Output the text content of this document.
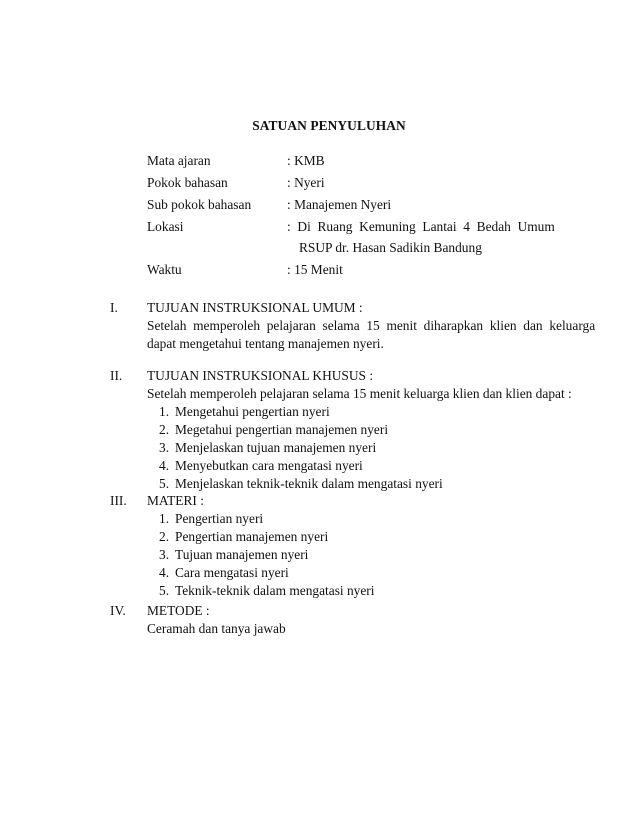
SATUAN PENYULUHAN
Mata ajaran	: KMB
Pokok bahasan	: Nyeri
Sub pokok bahasan	: Manajemen Nyeri
Lokasi	:  Di  Ruang  Kemuning  Lantai  4  Bedah  Umum
RSUP dr. Hasan Sadikin Bandung
Waktu	: 15 Menit
I. TUJUAN INSTRUKSIONAL UMUM :
Setelah  memperoleh  pelajaran  selama  15  menit  diharapkan  klien  dan  keluarga
dapat mengetahui tentang manajemen nyeri.
II. TUJUAN INSTRUKSIONAL KHUSUS :
Setelah memperoleh pelajaran selama 15 menit keluarga klien dan klien dapat :
1. Mengetahui pengertian nyeri
2. Megetahui pengertian manajemen nyeri
3. Menjelaskan tujuan manajemen nyeri
4. Menyebutkan cara mengatasi nyeri
5. Menjelaskan teknik-teknik dalam mengatasi nyeri
III. MATERI :
1. Pengertian nyeri
2. Pengertian manajemen nyeri
3. Tujuan manajemen nyeri
4. Cara mengatasi nyeri
5. Teknik-teknik dalam mengatasi nyeri
IV. METODE :
Ceramah dan tanya jawab
